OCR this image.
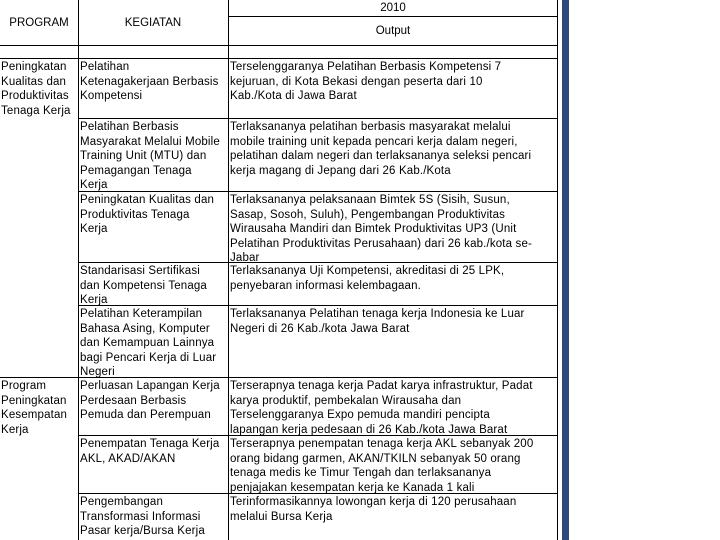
PROGRAM	KEGIATAN
2010
Output
Peningkatan
Kualitas dan
Produktivitas
Tenaga Kerja
Program
Peningkatan
Kesempatan
Kerja
Pelatihan
Ketenagakerjaan Berbasis
Kompetensi
Terselenggaranya Pelatihan Berbasis Kompetensi 7
kejuruan, di Kota Bekasi dengan peserta dari 10
Kab./Kota di Jawa Barat
Pelatihan Berbasis
Masyarakat Melalui Mobile
Training Unit (MTU) dan
Pemagangan Tenaga
Kerja
Terlaksananya pelatihan berbasis masyarakat melalui
mobile training unit kepada pencari kerja dalam negeri,
pelatihan dalam negeri dan terlaksananya seleksi pencari
kerja magang di Jepang dari 26 Kab./Kota
Peningkatan Kualitas dan
Produktivitas Tenaga
Kerja
Terlaksananya pelaksanaan Bimtek 5S (Sisih, Susun,
Sasap, Sosoh, Suluh), Pengembangan Produktivitas
Wirausaha Mandiri dan Bimtek Produktivitas UP3 (Unit
Pelatihan Produktivitas Perusahaan) dari 26 kab./kota se-
Jabar
Standarisasi Sertifikasi
dan Kompetensi Tenaga
Kerja
Terlaksananya Uji Kompetensi, akreditasi di 25 LPK,
penyebaran informasi kelembagaan.
Pelatihan Keterampilan
Bahasa Asing, Komputer
dan Kemampuan Lainnya
bagi Pencari Kerja di Luar
Negeri
Terlaksananya Pelatihan tenaga kerja Indonesia ke Luar
Negeri di 26 Kab./kota Jawa Barat
Perluasan Lapangan Kerja
Perdesaan Berbasis
Pemuda dan Perempuan
Terserapnya tenaga kerja Padat karya infrastruktur, Padat
karya produktif, pembekalan Wirausaha dan
Terselenggaranya Expo pemuda mandiri pencipta
lapangan kerja pedesaan di 26 Kab./kota Jawa Barat
Penempatan Tenaga Kerja
AKL, AKAD/AKAN
Terserapnya penempatan tenaga kerja AKL sebanyak 200
orang bidang garmen, AKAN/TKILN sebanyak 50 orang
tenaga medis ke Timur Tengah dan terlaksananya
penjajakan kesempatan kerja ke Kanada 1 kali
Pengembangan
Transformasi Informasi
Pasar kerja/Bursa Kerja
Terinformasikannya lowongan kerja di 120 perusahaan
melalui Bursa Kerja
